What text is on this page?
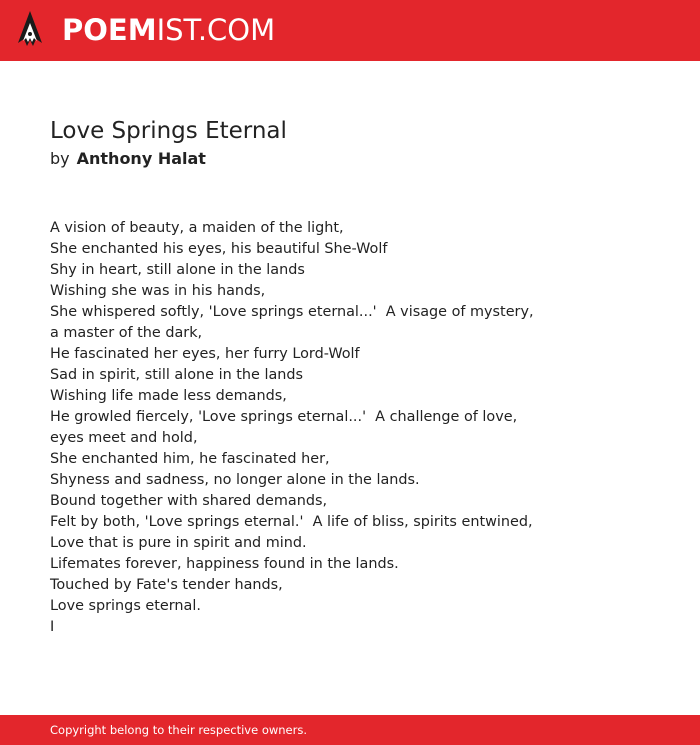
POEMIST.COM
Love Springs Eternal
by Anthony Halat
A vision of beauty, a maiden of the light,
She enchanted his eyes, his beautiful She-Wolf
Shy in heart, still alone in the lands
Wishing she was in his hands,
She whispered softly, 'Love springs eternal...'  A visage of mystery, a master of the dark,
He fascinated her eyes, her furry Lord-Wolf
Sad in spirit, still alone in the lands
Wishing life made less demands,
He growled fiercely, 'Love springs eternal...'  A challenge of love, eyes meet and hold,
She enchanted him, he fascinated her,
Shyness and sadness, no longer alone in the lands.
Bound together with shared demands,
Felt by both, 'Love springs eternal.'  A life of bliss, spirits entwined,
Love that is pure in spirit and mind.
Lifemates forever, happiness found in the lands.
Touched by Fate's tender hands,
Love springs eternal.
I
Copyright belong to their respective owners.
